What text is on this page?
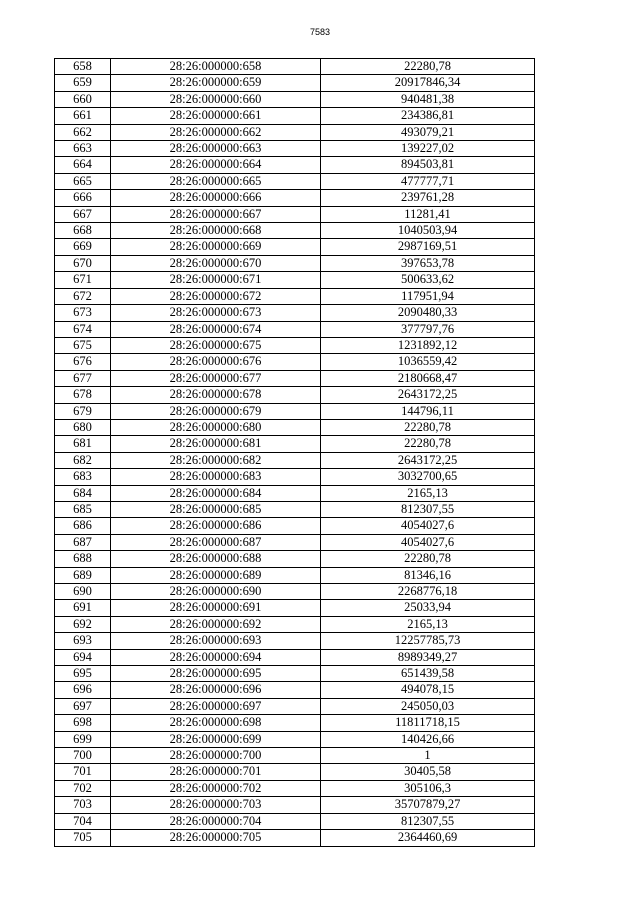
7583
658	28:26:000000:658	22280,78
659	28:26:000000:659	20917846,34
660	28:26:000000:660	940481,38
661	28:26:000000:661	234386,81
662	28:26:000000:662	493079,21
663	28:26:000000:663	139227,02
664	28:26:000000:664	894503,81
665	28:26:000000:665	477777,71
666	28:26:000000:666	239761,28
667	28:26:000000:667	11281,41
668	28:26:000000:668	1040503,94
669	28:26:000000:669	2987169,51
670	28:26:000000:670	397653,78
671	28:26:000000:671	500633,62
672	28:26:000000:672	117951,94
673	28:26:000000:673	2090480,33
674	28:26:000000:674	377797,76
675	28:26:000000:675	1231892,12
676	28:26:000000:676	1036559,42
677	28:26:000000:677	2180668,47
678	28:26:000000:678	2643172,25
679	28:26:000000:679	144796,11
680	28:26:000000:680	22280,78
681	28:26:000000:681	22280,78
682	28:26:000000:682	2643172,25
683	28:26:000000:683	3032700,65
684	28:26:000000:684	2165,13
685	28:26:000000:685	812307,55
686	28:26:000000:686	4054027,6
687	28:26:000000:687	4054027,6
688	28:26:000000:688	22280,78
689	28:26:000000:689	81346,16
690	28:26:000000:690	2268776,18
691	28:26:000000:691	25033,94
692	28:26:000000:692	2165,13
693	28:26:000000:693	12257785,73
694	28:26:000000:694	8989349,27
695	28:26:000000:695	651439,58
696	28:26:000000:696	494078,15
697	28:26:000000:697	245050,03
698	28:26:000000:698	11811718,15
699	28:26:000000:699	140426,66
700	28:26:000000:700	1
701	28:26:000000:701	30405,58
702	28:26:000000:702	305106,3
703	28:26:000000:703	35707879,27
704	28:26:000000:704	812307,55
705	28:26:000000:705	2364460,69
